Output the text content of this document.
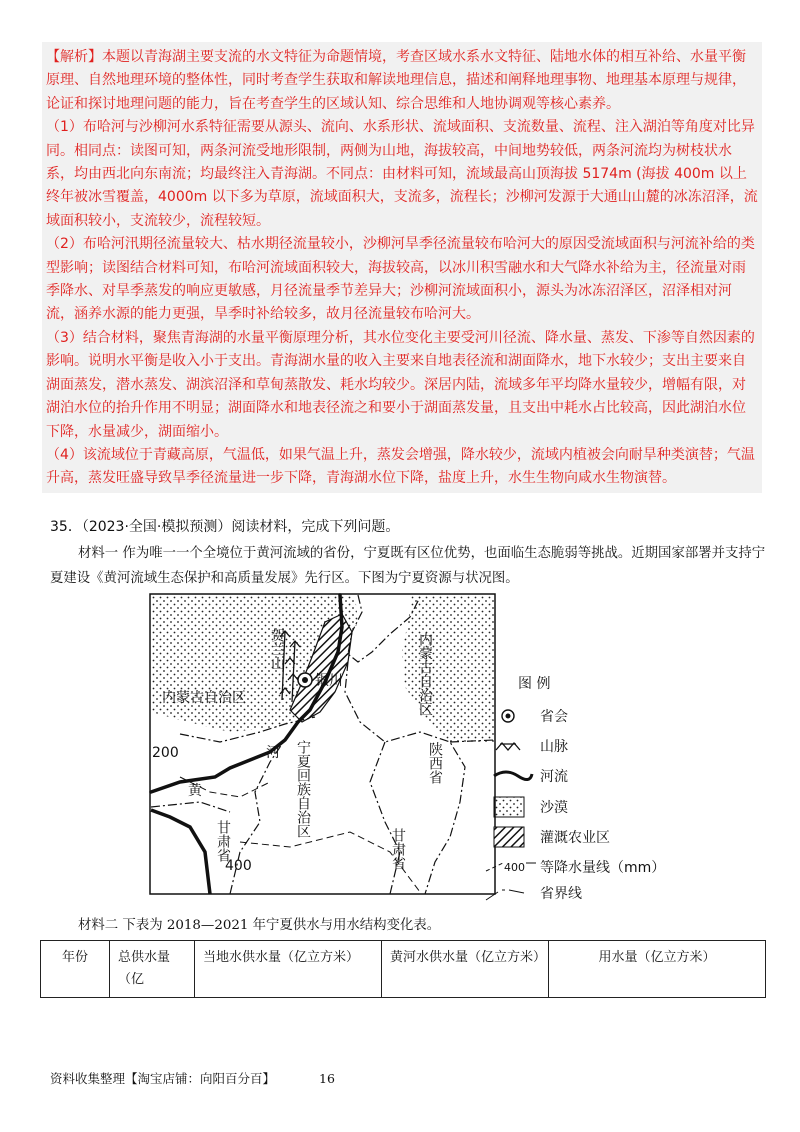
【解析】本题以青海湖主要支流的水文特征为命题情境，考查区域水系水文特征、陆地水体的相互补给、水量平衡原理、自然地理环境的整体性，同时考查学生获取和解读地理信息，描述和阐释地理事物、地理基本原理与规律，论证和探讨地理问题的能力，旨在考查学生的区域认知、综合思维和人地协调观等核心素养。

（1）布哈河与沙柳河水系特征需要从源头、流向、水系形状、流域面积、支流数量、流程、注入湖泊等角度对比异同。相同点：读图可知，两条河流受地形限制，两侧为山地，海拔较高，中间地势较低，两条河流均为树枝状水系，均由西北向东南流；均最终注入青海湖。不同点：由材料可知，流域最高山顶海拔 5174m (海拔 400m 以上终年被冰雪覆盖，4000m 以下多为草原，流域面积大，支流多，流程长；沙柳河发源于大通山山麓的冰冻沼泽，流域面积较小，支流较少，流程较短。

（2）布哈河汛期径流量较大、枯水期径流量较小，沙柳河旱季径流量较布哈河大的原因受流域面积与河流补给的类型影响；读图结合材料可知，布哈河流域面积较大，海拔较高，以冰川积雪融水和大气降水补给为主，径流量对雨季降水、对旱季蒸发的响应更敏感，月径流量季节差异大；沙柳河流域面积小，源头为冰冻沼泽区，沼泽相对河流，涵养水源的能力更强，旱季时补给较多，故月径流量较布哈河大。

（3）结合材料，聚焦青海湖的水量平衡原理分析，其水位变化主要受河川径流、降水量、蒸发、下渗等自然因素的影响。说明水平衡是收入小于支出。青海湖水量的收入主要来自地表径流和湖面降水，地下水较少；支出主要来自湖面蒸发，潜水蒸发、湖滨沼泽和草甸蒸散发、耗水均较少。深居内陆，流域多年平均降水量较少，增幅有限，对湖泊水位的抬升作用不明显；湖面降水和地表径流之和要小于湖面蒸发量，且支出中耗水占比较高，因此湖泊水位下降，水量减少，湖面缩小。

（4）该流域位于青藏高原，气温低，如果气温上升，蒸发会增强，降水较少，流域内植被会向耐旱种类演替；气温升高，蒸发旺盛导致旱季径流量进一步下降，青海湖水位下降，盐度上升，水生生物向咸水生物演替。

35．（2023·全国·模拟预测）阅读材料，完成下列问题。
材料一 作为唯一一个全境位于黄河流域的省份，宁夏既有区位优势，也面临生态脆弱等挑战。近期国家部署并支持宁夏建设《黄河流域生态保护和高质量发展》先行区。下图为宁夏资源与状况图。
贺兰山
银川
内蒙古自治区	内蒙古自治区
宁夏回族自治区
甘肃省	甘肃省
陕西省
河
黄
200
400
图 例
省会
山脉
河流
沙漠
灌溉农业区
400 等降水量线（mm）
省界线
材料二 下表为 2018—2021 年宁夏供水与用水结构变化表。
年份	总供水量（亿	当地水供水量（亿立方米）	黄河水供水量（亿立方米）	用水量（亿立方米）
资料收集整理【淘宝店铺：向阳百分百】	16
